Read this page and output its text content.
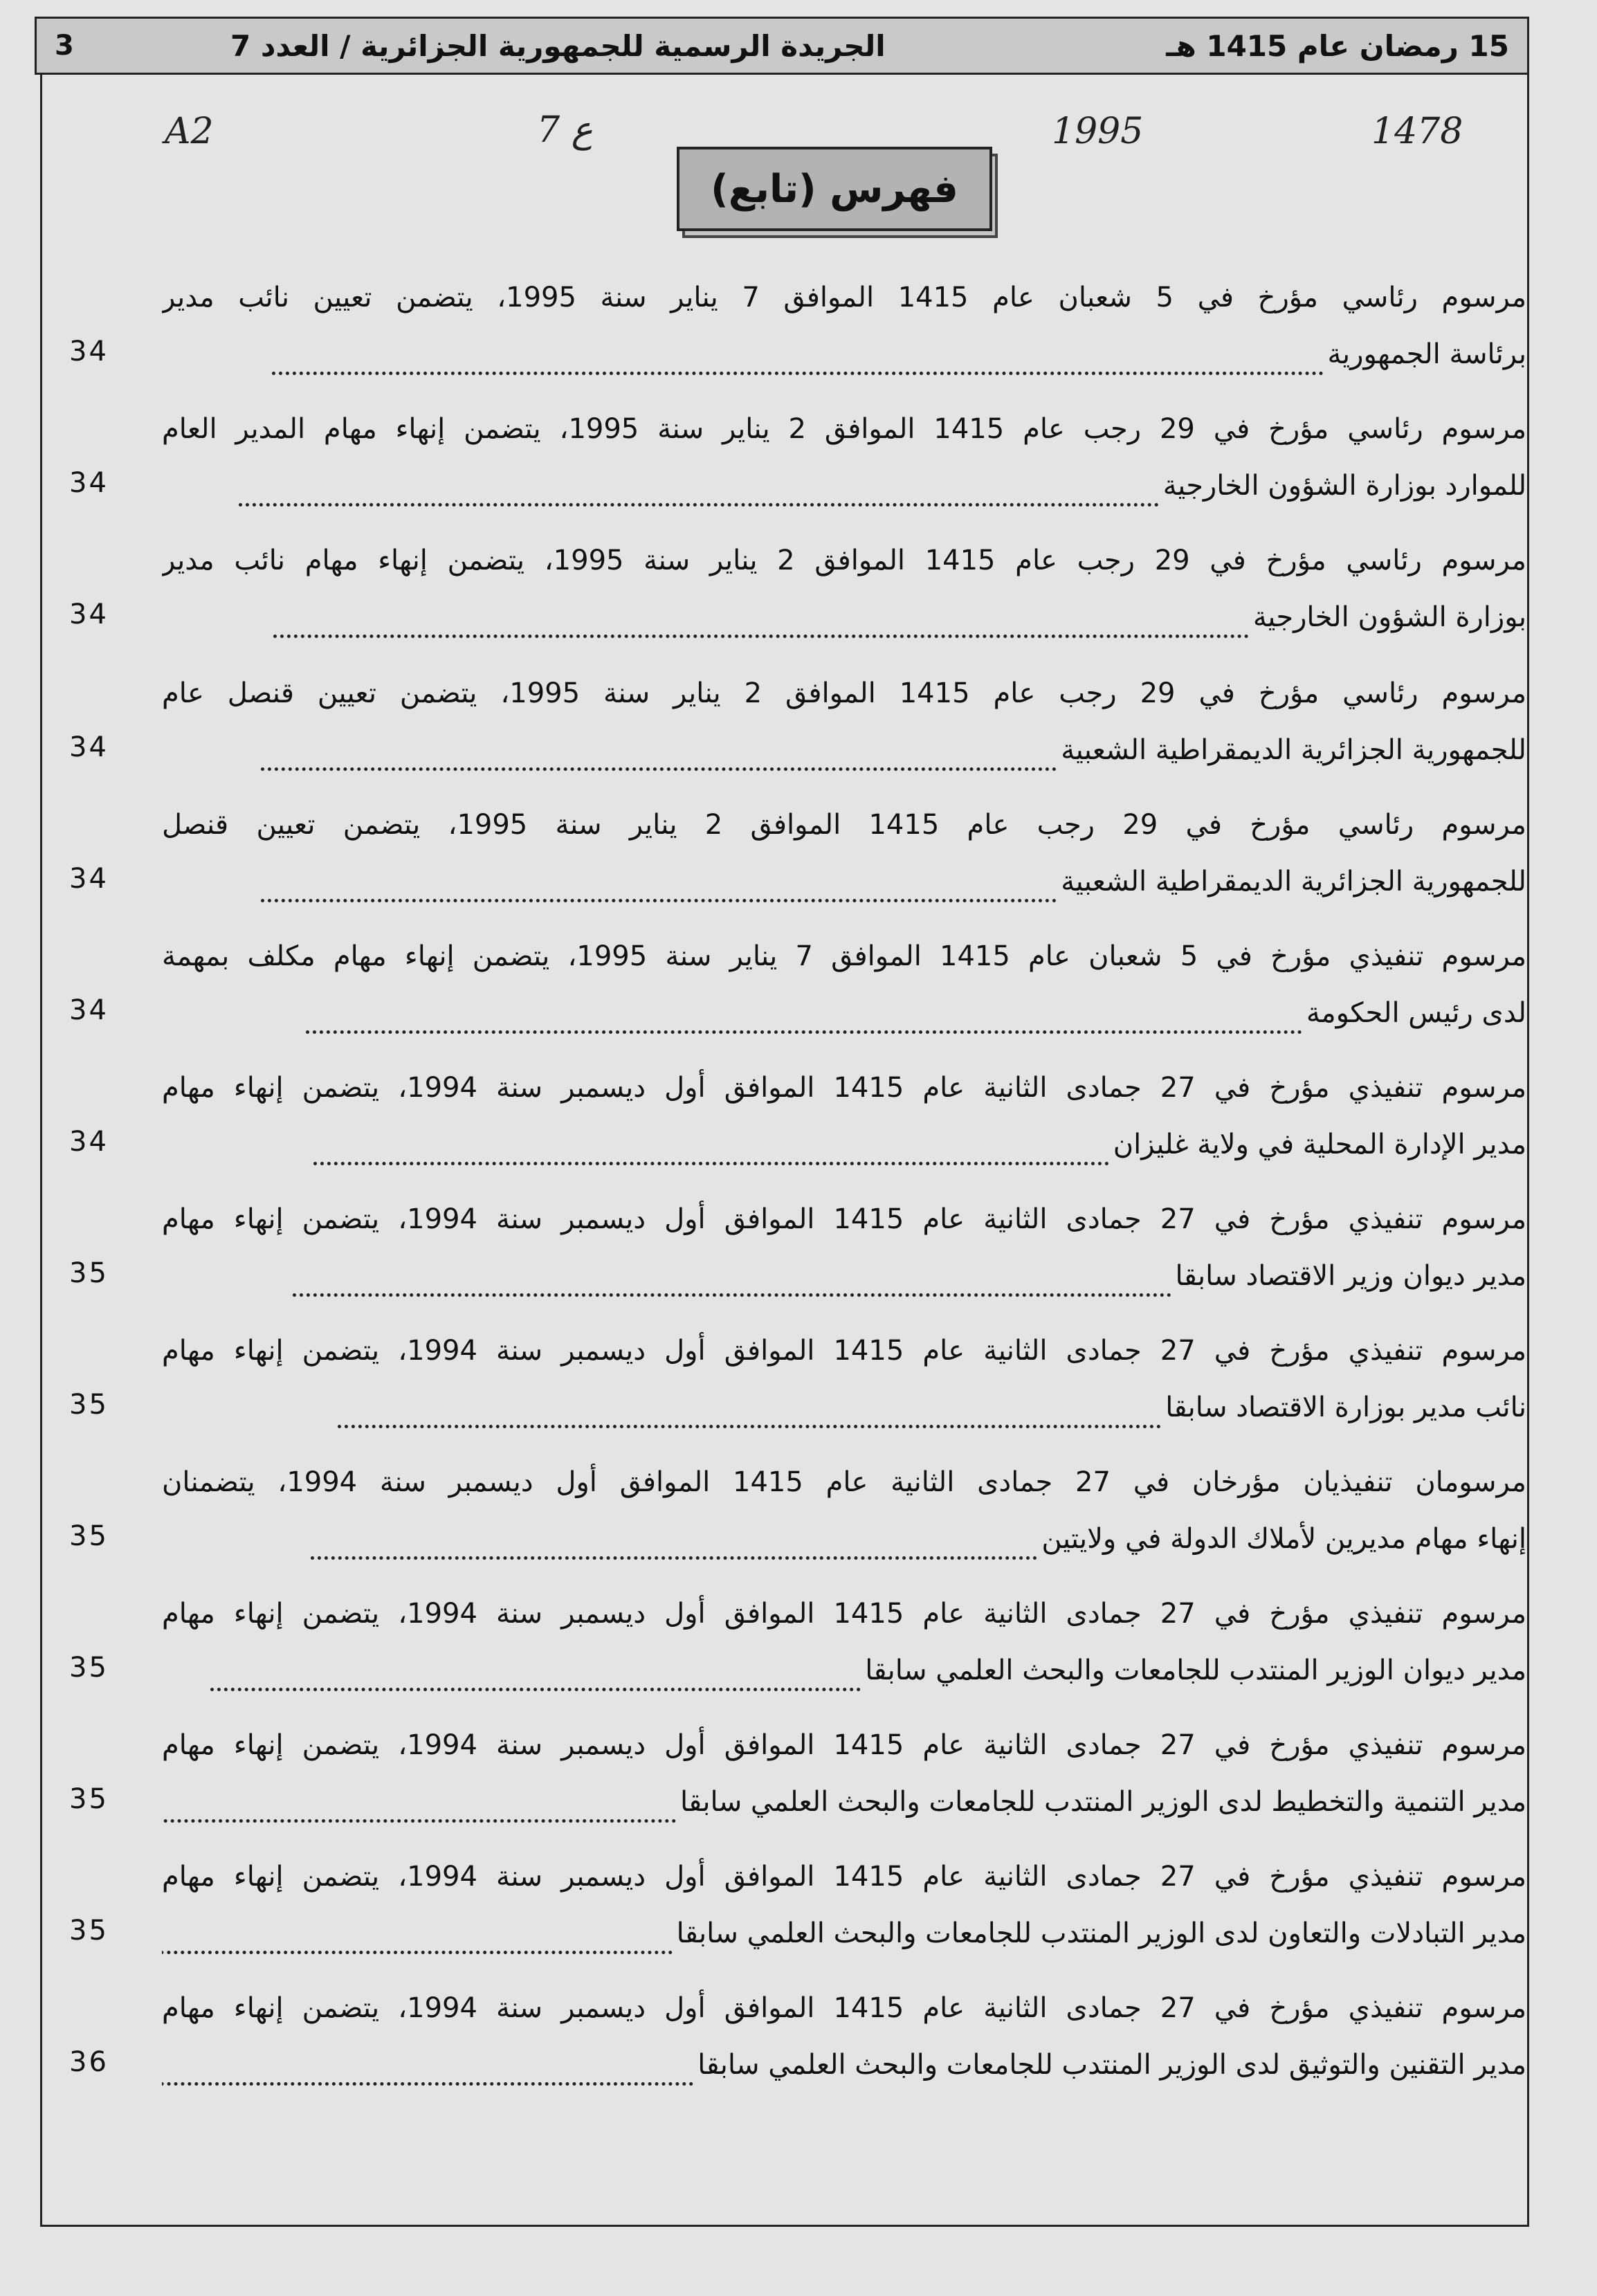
3	الجريدة الرسمية للجمهورية الجزائرية / العدد 7	15 رمضان عام 1415 هـ
A2	7 ع	1995	1478
فهرس (تابع)
مرسوم رئاسي مؤرخ في 5 شعبان عام 1415 الموافق 7 يناير سنة 1995، يتضمن تعيين نائب مدير
برئاسة الجمهورية
34
مرسوم رئاسي مؤرخ في 29 رجب عام 1415 الموافق 2 يناير سنة 1995، يتضمن إنهاء مهام المدير العام
للموارد بوزارة الشؤون الخارجية
34
مرسوم رئاسي مؤرخ في 29 رجب عام 1415 الموافق 2 يناير سنة 1995، يتضمن إنهاء مهام نائب مدير
بوزارة الشؤون الخارجية
34
مرسوم رئاسي مؤرخ في 29 رجب عام 1415 الموافق 2 يناير سنة 1995، يتضمن تعيين قنصل عام
للجمهورية الجزائرية الديمقراطية الشعبية
34
مرسوم رئاسي مؤرخ في 29 رجب عام 1415 الموافق 2 يناير سنة 1995، يتضمن تعيين قنصل
للجمهورية الجزائرية الديمقراطية الشعبية
34
مرسوم تنفيذي مؤرخ في 5 شعبان عام 1415 الموافق 7 يناير سنة 1995، يتضمن إنهاء مهام مكلف بمهمة
لدى رئيس الحكومة
34
مرسوم تنفيذي مؤرخ في 27 جمادى الثانية عام 1415 الموافق أول ديسمبر سنة 1994، يتضمن إنهاء مهام
مدير الإدارة المحلية في ولاية غليزان
34
مرسوم تنفيذي مؤرخ في 27 جمادى الثانية عام 1415 الموافق أول ديسمبر سنة 1994، يتضمن إنهاء مهام
مدير ديوان وزير الاقتصاد سابقا
35
مرسوم تنفيذي مؤرخ في 27 جمادى الثانية عام 1415 الموافق أول ديسمبر سنة 1994، يتضمن إنهاء مهام
نائب مدير بوزارة الاقتصاد سابقا
35
مرسومان تنفيذيان مؤرخان في 27 جمادى الثانية عام 1415 الموافق أول ديسمبر سنة 1994، يتضمنان
إنهاء مهام مديرين لأملاك الدولة في ولايتين
35
مرسوم تنفيذي مؤرخ في 27 جمادى الثانية عام 1415 الموافق أول ديسمبر سنة 1994، يتضمن إنهاء مهام
مدير ديوان الوزير المنتدب للجامعات والبحث العلمي سابقا
35
مرسوم تنفيذي مؤرخ في 27 جمادى الثانية عام 1415 الموافق أول ديسمبر سنة 1994، يتضمن إنهاء مهام
مدير التنمية والتخطيط لدى الوزير المنتدب للجامعات والبحث العلمي سابقا
35
مرسوم تنفيذي مؤرخ في 27 جمادى الثانية عام 1415 الموافق أول ديسمبر سنة 1994، يتضمن إنهاء مهام
مدير التبادلات والتعاون لدى الوزير المنتدب للجامعات والبحث العلمي سابقا
35
مرسوم تنفيذي مؤرخ في 27 جمادى الثانية عام 1415 الموافق أول ديسمبر سنة 1994، يتضمن إنهاء مهام
مدير التقنين والتوثيق لدى الوزير المنتدب للجامعات والبحث العلمي سابقا
36
